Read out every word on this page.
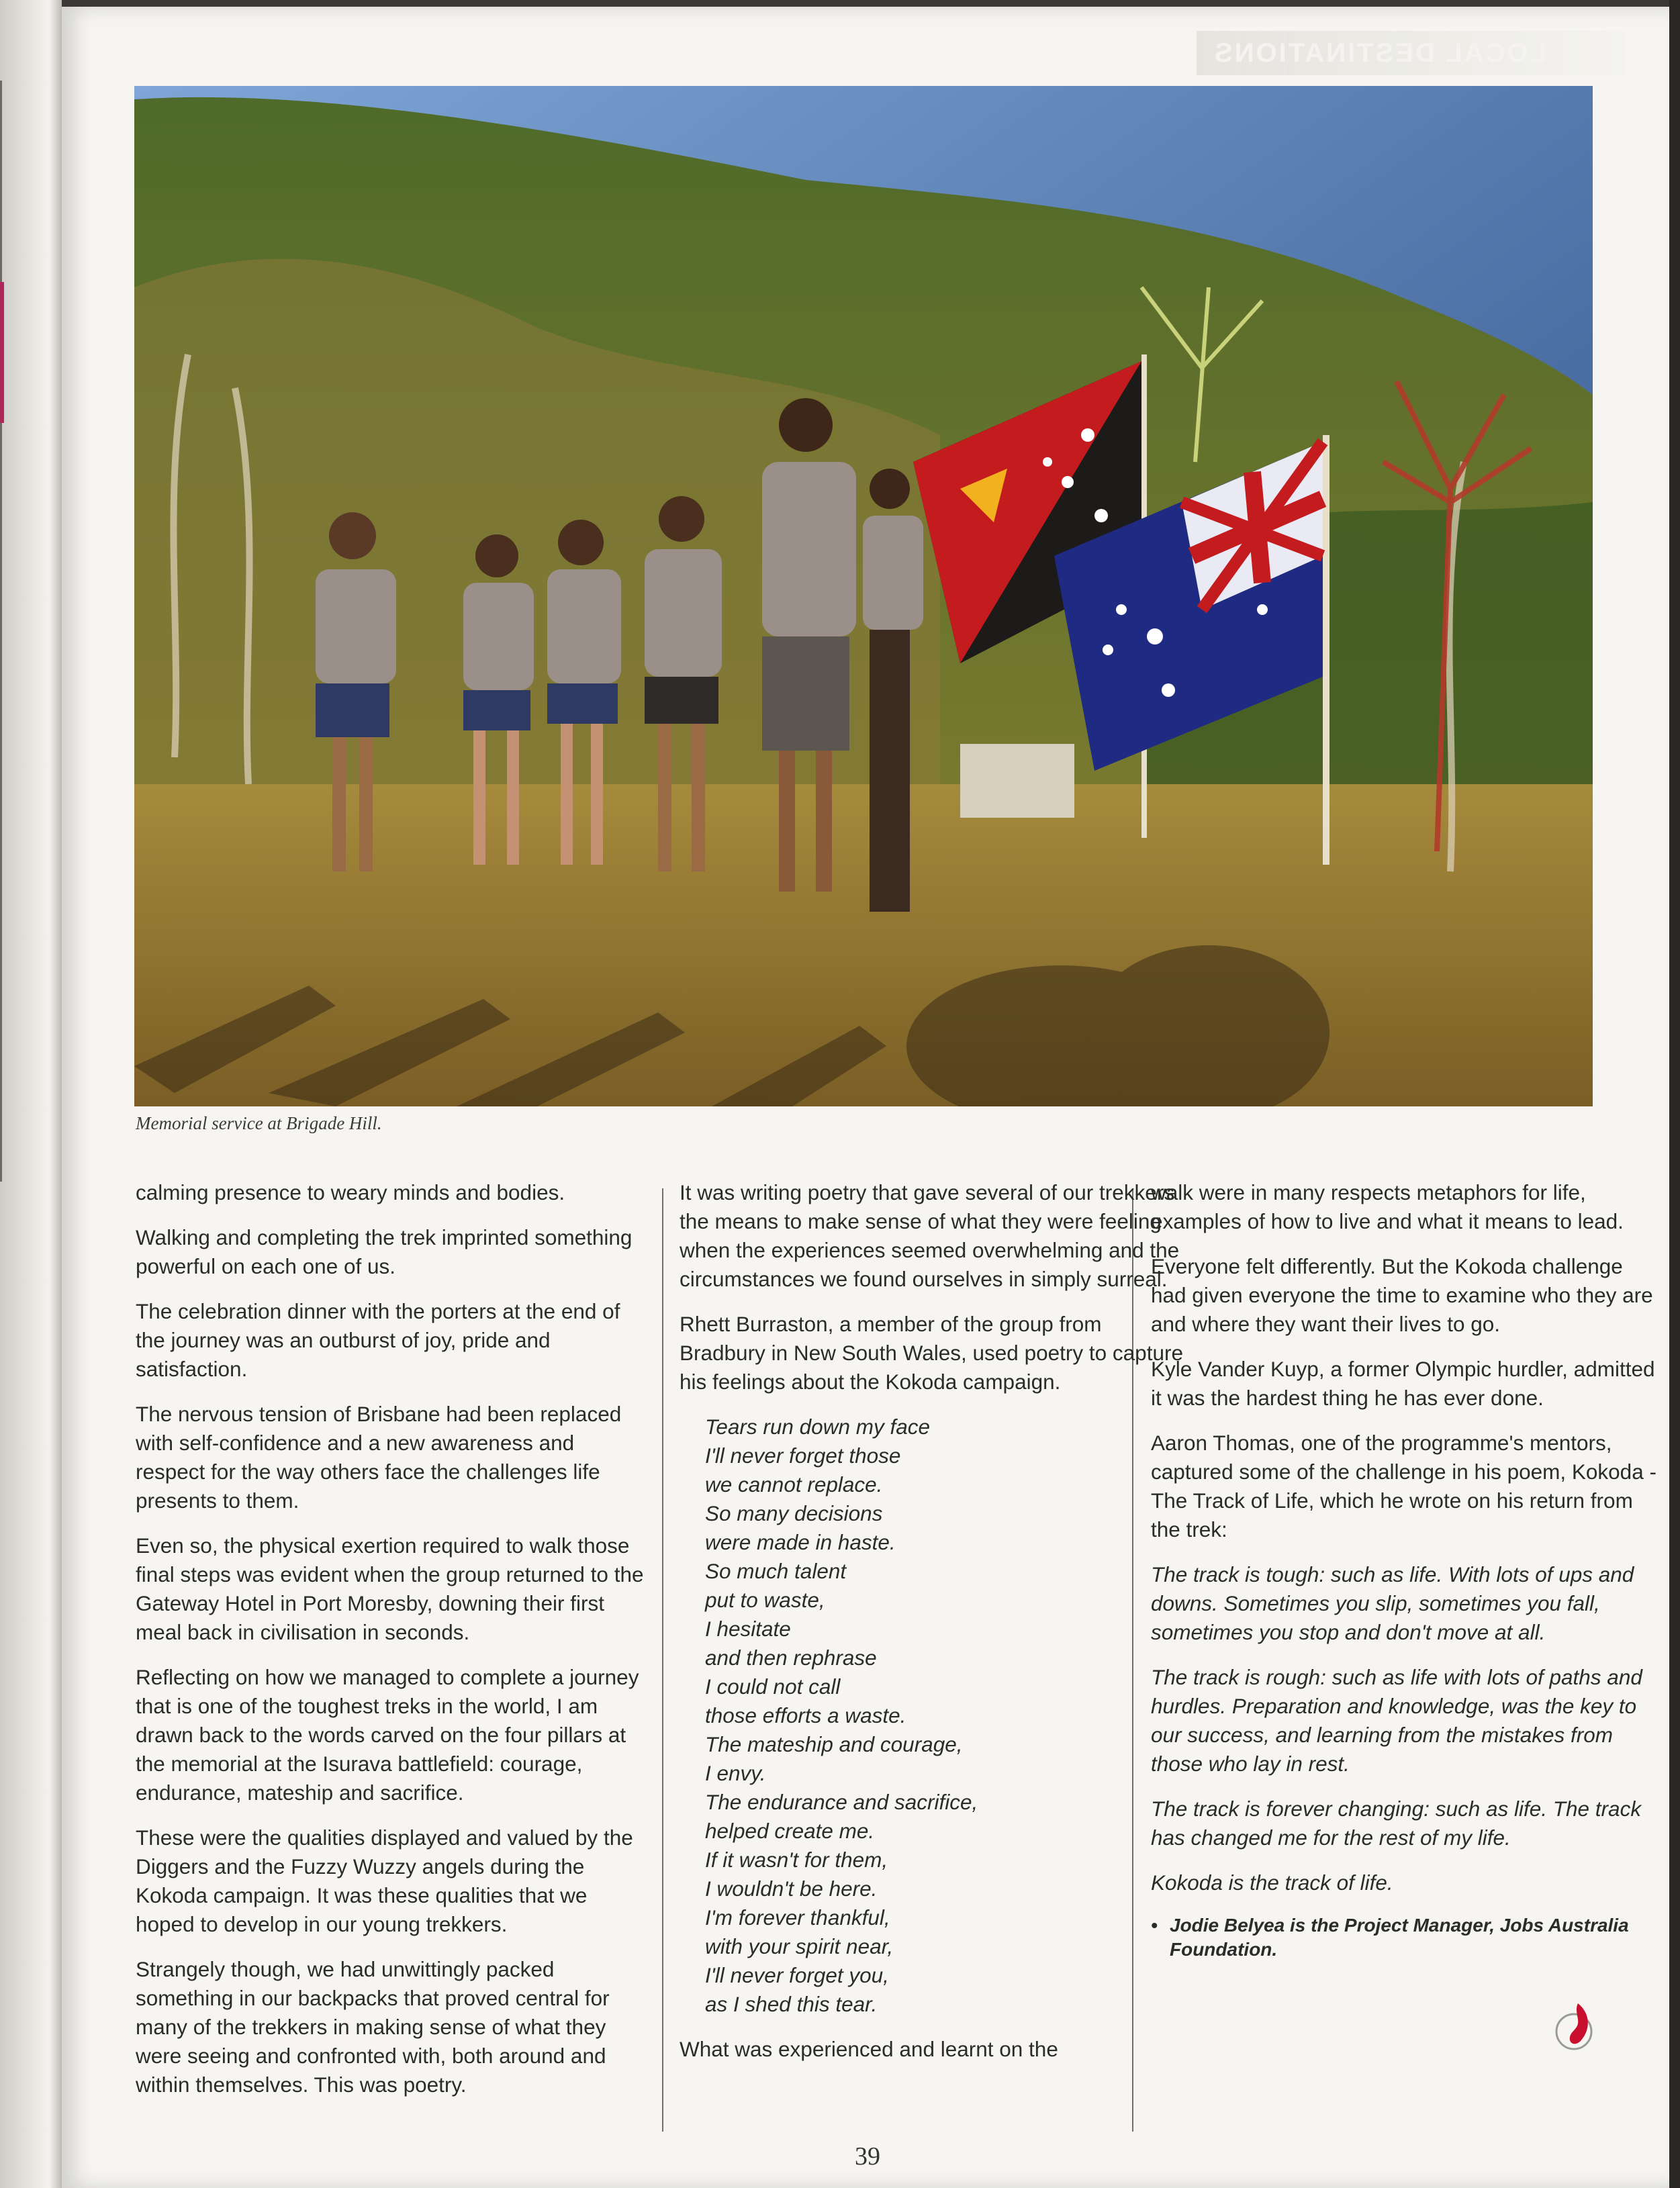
LOCAL DESTINATIONS
Memorial service at Brigade Hill.

calming presence to weary minds and bodies.

Walking and completing the trek imprinted something powerful on each one of us.

The celebration dinner with the porters at the end of the journey was an outburst of joy, pride and satisfaction.

The nervous tension of Brisbane had been replaced with self-confidence and a new awareness and respect for the way others face the challenges life presents to them.

Even so, the physical exertion required to walk those final steps was evident when the group returned to the Gateway Hotel in Port Moresby, downing their first meal back in civilisation in seconds.

Reflecting on how we managed to complete a journey that is one of the toughest treks in the world, I am drawn back to the words carved on the four pillars at the memorial at the Isurava battlefield: courage, endurance, mateship and sacrifice.

These were the qualities displayed and valued by the Diggers and the Fuzzy Wuzzy angels during the Kokoda campaign. It was these qualities that we hoped to develop in our young trekkers.

Strangely though, we had unwittingly packed something in our backpacks that proved central for many of the trekkers in making sense of what they were seeing and confronted with, both around and within themselves. This was poetry.

It was writing poetry that gave several of our trekkers the means to make sense of what they were feeling when the experiences seemed overwhelming and the circumstances we found ourselves in simply surreal.

Rhett Burraston, a member of the group from Bradbury in New South Wales, used poetry to capture his feelings about the Kokoda campaign.

Tears run down my face
I'll never forget those
we cannot replace.
So many decisions
were made in haste.
So much talent
put to waste,
I hesitate
and then rephrase
I could not call
those efforts a waste.
The mateship and courage,
I envy.
The endurance and sacrifice,
helped create me.
If it wasn't for them,
I wouldn't be here.
I'm forever thankful,
with your spirit near,
I'll never forget you,
as I shed this tear.

What was experienced and learnt on the

walk were in many respects metaphors for life, examples of how to live and what it means to lead.

Everyone felt differently. But the Kokoda challenge had given everyone the time to examine who they are and where they want their lives to go.

Kyle Vander Kuyp, a former Olympic hurdler, admitted it was the hardest thing he has ever done.

Aaron Thomas, one of the programme's mentors, captured some of the challenge in his poem, Kokoda - The Track of Life, which he wrote on his return from the trek:

The track is tough: such as life. With lots of ups and downs. Sometimes you slip, sometimes you fall, sometimes you stop and don't move at all.

The track is rough: such as life with lots of paths and hurdles. Preparation and knowledge, was the key to our success, and learning from the mistakes from those who lay in rest.

The track is forever changing: such as life. The track has changed me for the rest of my life.

Kokoda is the track of life.

• Jodie Belyea is the Project Manager, Jobs Australia Foundation.
39
